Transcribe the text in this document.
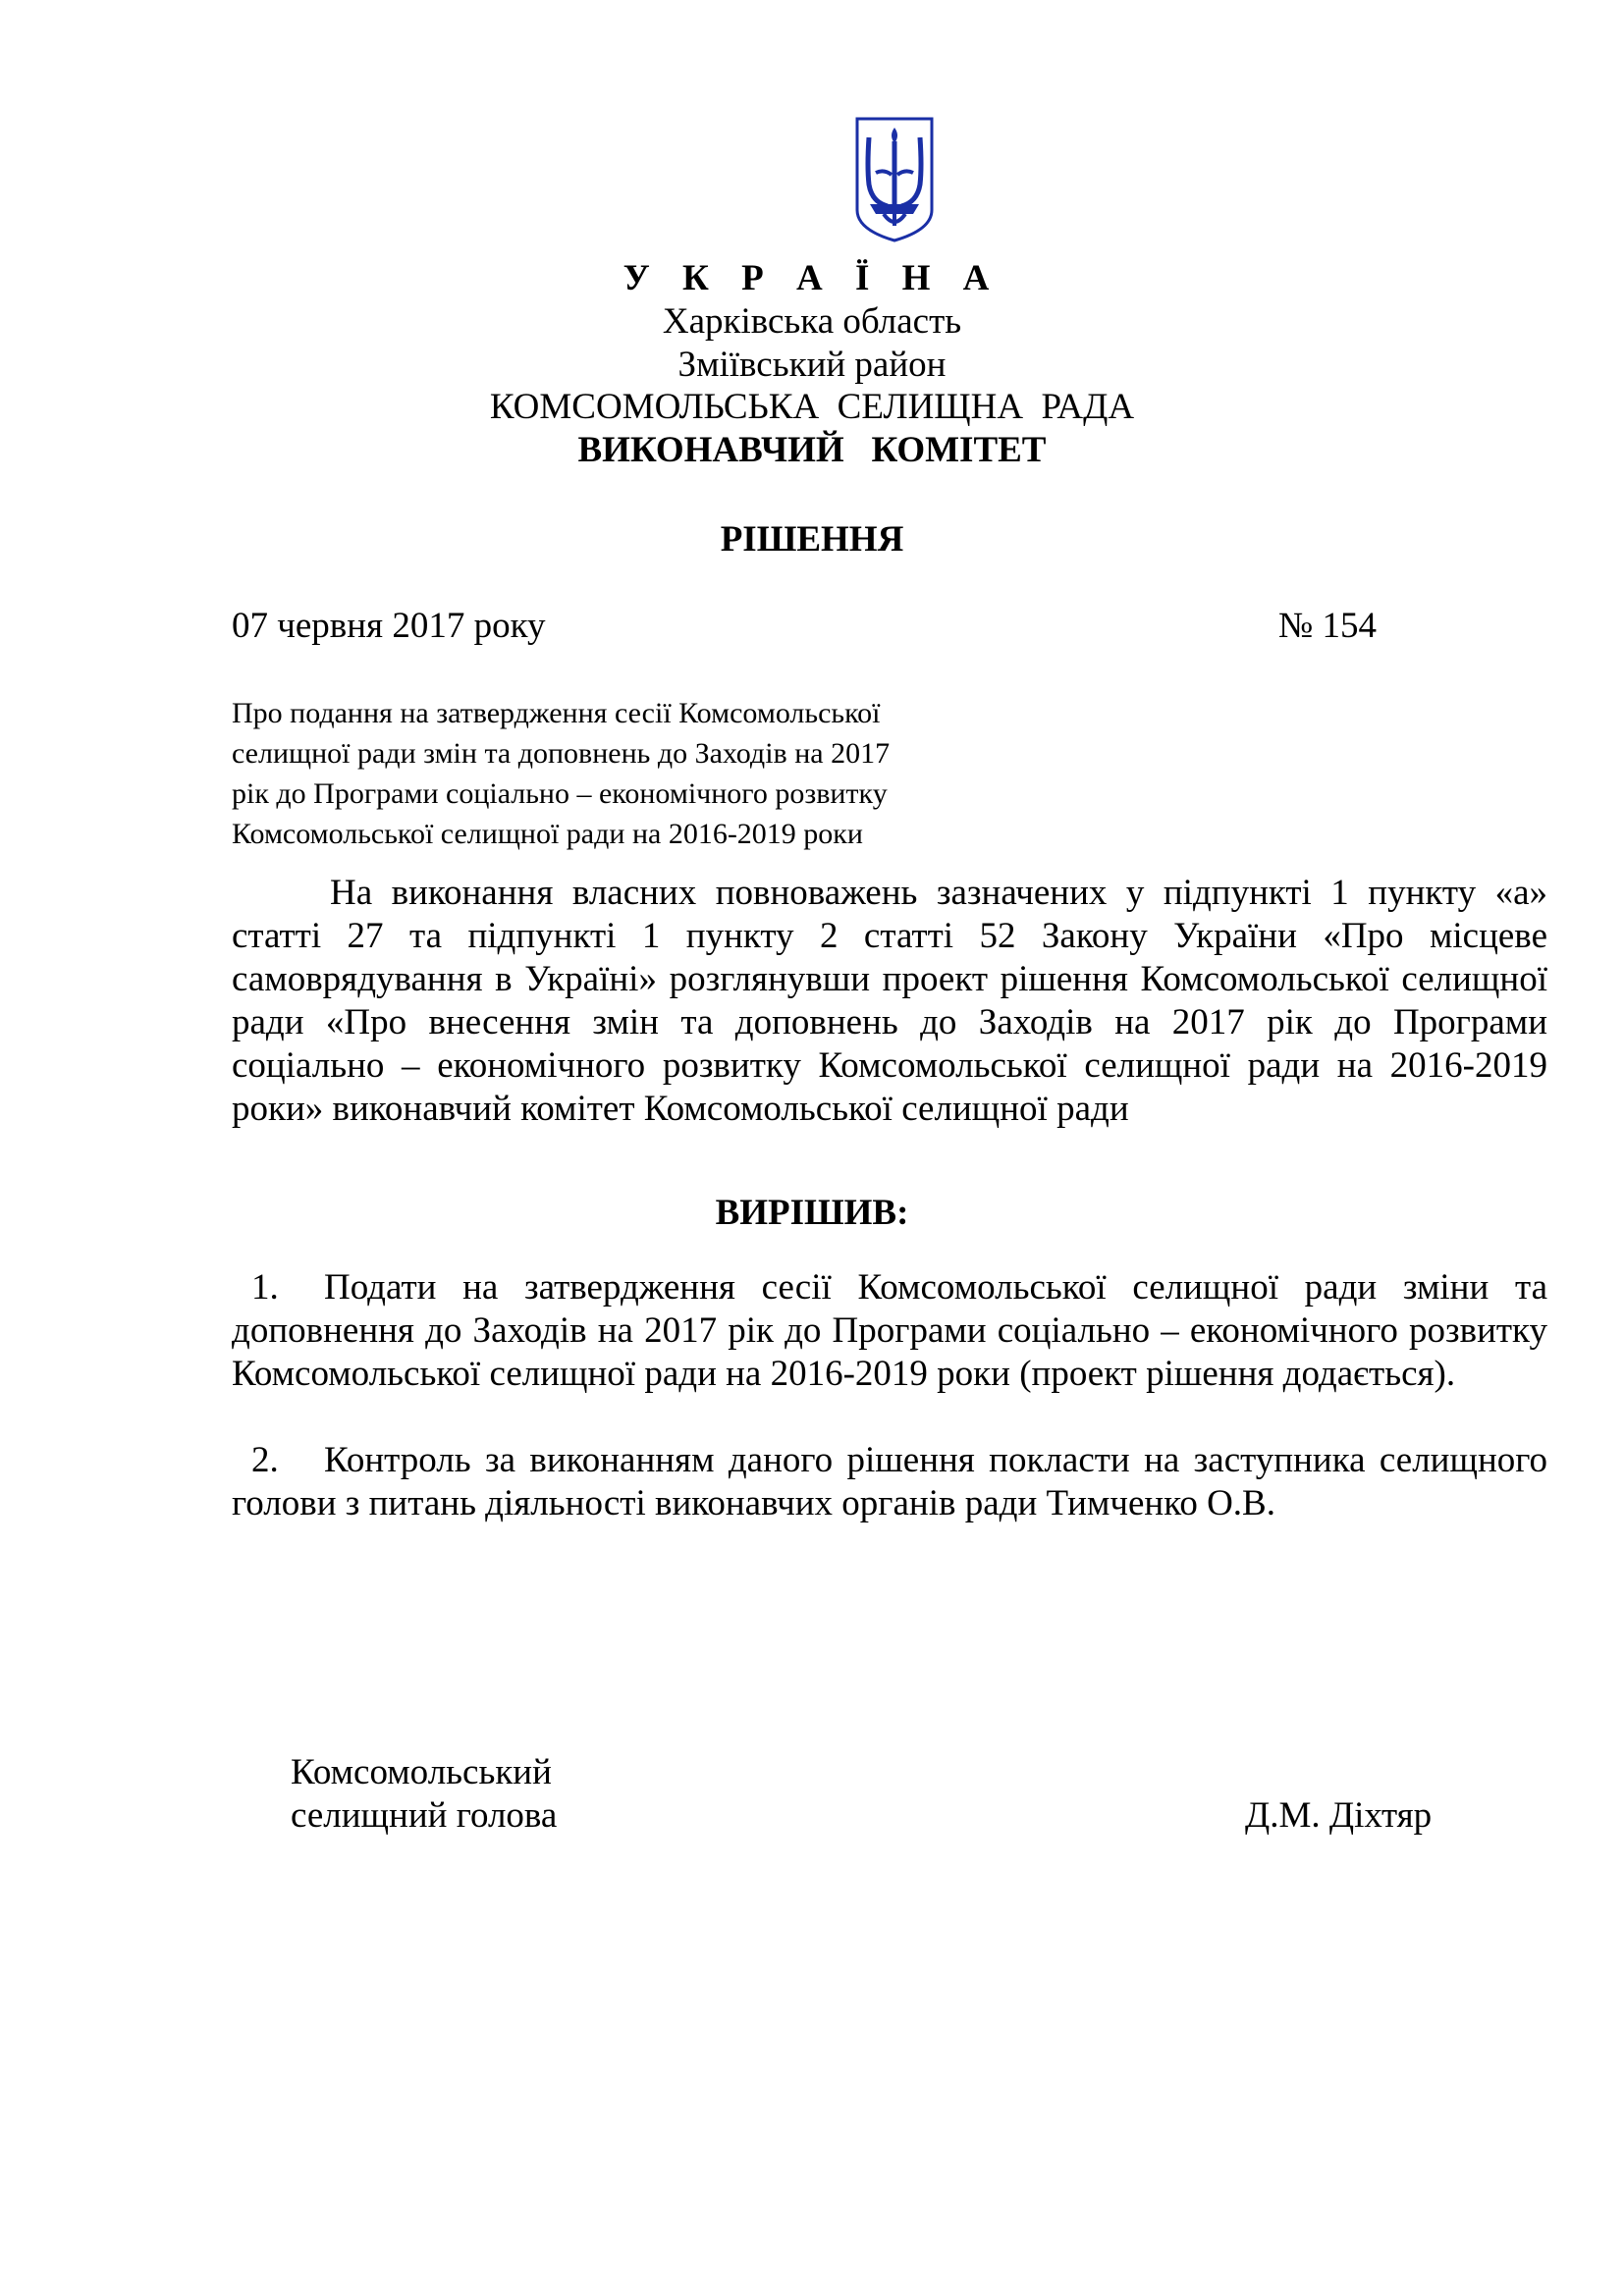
У К Р А Ї Н А
Харківська область
Зміївський район
КОМСОМОЛЬСЬКА  СЕЛИЩНА  РАДА
ВИКОНАВЧИЙ   КОМІТЕТ
РІШЕННЯ
07 червня 2017 року	№ 154
Про подання на затвердження сесії Комсомольської
селищної ради змін та доповнень до Заходів на 2017
рік до Програми соціально – економічного розвитку
Комсомольської селищної ради на 2016-2019 роки
На виконання власних повноважень зазначених у підпункті 1 пункту «а» статті 27 та підпункті 1 пункту 2 статті 52 Закону України «Про місцеве самоврядування в Україні» розглянувши проект рішення Комсомольської селищної ради «Про внесення змін та доповнень до Заходів на 2017 рік до Програми соціально – економічного розвитку Комсомольської селищної ради на 2016-2019 роки» виконавчий комітет Комсомольської селищної ради
ВИРІШИВ:
1. Подати на затвердження сесії Комсомольської селищної ради зміни та доповнення до Заходів на 2017 рік до Програми соціально – економічного розвитку Комсомольської селищної ради на 2016-2019 роки (проект рішення додається).
2. Контроль за виконанням даного рішення покласти на заступника селищного голови з питань діяльності виконавчих органів ради Тимченко О.В.
Комсомольський
селищний голова	Д.М. Діхтяр
